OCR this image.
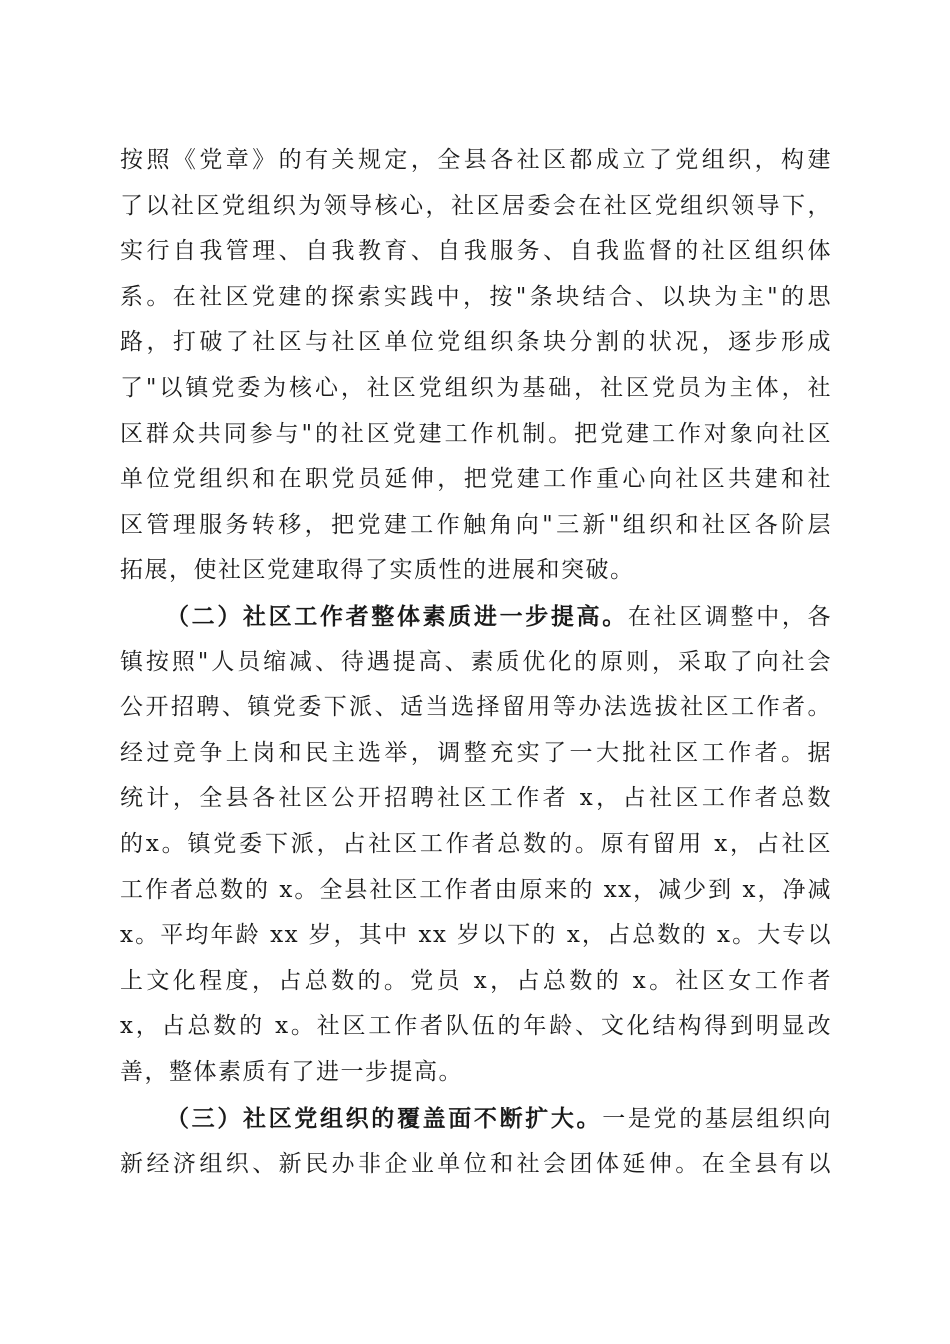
按照《党章》的有关规定，全县各社区都成立了党组织，构建
了以社区党组织为领导核心，社区居委会在社区党组织领导下，
实行自我管理、自我教育、自我服务、自我监督的社区组织体
系。在社区党建的探索实践中，按"条块结合、以块为主"的思
路，打破了社区与社区单位党组织条块分割的状况，逐步形成
了"以镇党委为核心，社区党组织为基础，社区党员为主体，社
区群众共同参与"的社区党建工作机制。把党建工作对象向社区
单位党组织和在职党员延伸，把党建工作重心向社区共建和社
区管理服务转移，把党建工作触角向"三新"组织和社区各阶层
拓展，使社区党建取得了实质性的进展和突破。
（二）社区工作者整体素质进一步提高。在社区调整中，各
镇按照"人员缩减、待遇提高、素质优化的原则，采取了向社会
公开招聘、镇党委下派、适当选择留用等办法选拔社区工作者。
经过竞争上岗和民主选举，调整充实了一大批社区工作者。据
统计，全县各社区公开招聘社区工作者 x，占社区工作者总数
的x。镇党委下派，占社区工作者总数的。原有留用 x，占社区
工作者总数的 x。全县社区工作者由原来的 xx，减少到 x，净减
x。平均年龄 xx 岁，其中 xx 岁以下的 x，占总数的 x。大专以
上文化程度，占总数的。党员 x，占总数的 x。社区女工作者
x，占总数的 x。社区工作者队伍的年龄、文化结构得到明显改
善，整体素质有了进一步提高。
（三）社区党组织的覆盖面不断扩大。一是党的基层组织向
新经济组织、新民办非企业单位和社会团体延伸。在全县有以
